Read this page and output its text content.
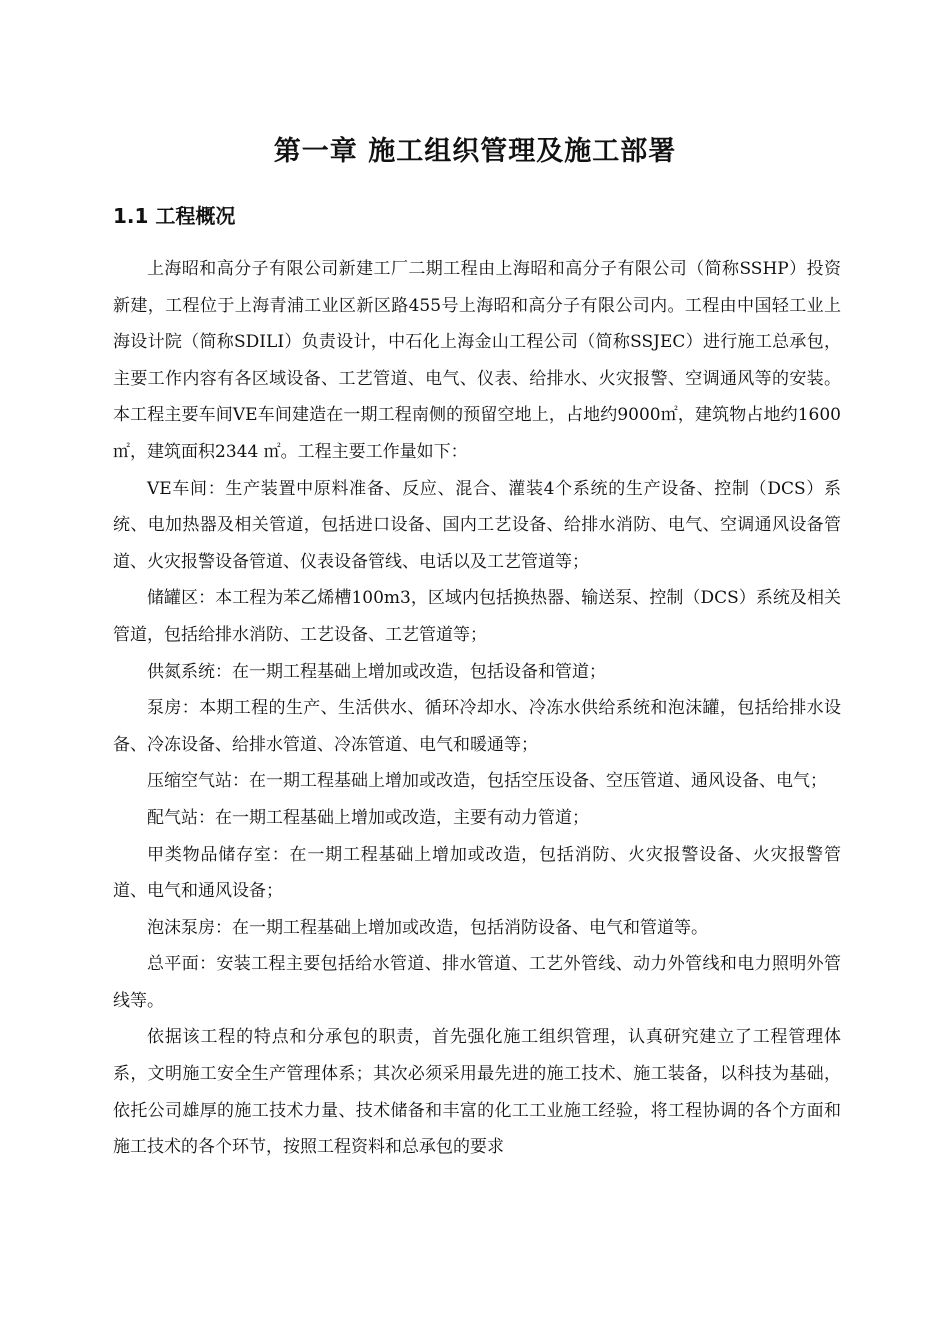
第一章 施工组织管理及施工部署
1.1 工程概况

上海昭和高分子有限公司新建工厂二期工程由上海昭和高分子有限公司（简称SSHP）投资新建，工程位于上海青浦工业区新区路455号上海昭和高分子有限公司内。工程由中国轻工业上海设计院（简称SDILI）负责设计，中石化上海金山工程公司（简称SSJEC）进行施工总承包，主要工作内容有各区域设备、工艺管道、电气、仪表、给排水、火灾报警、空调通风等的安装。本工程主要车间VE车间建造在一期工程南侧的预留空地上，占地约9000㎡，建筑物占地约1600 ㎡，建筑面积2344 ㎡。工程主要工作量如下：

VE车间：生产装置中原料准备、反应、混合、灌装4个系统的生产设备、控制（DCS）系统、电加热器及相关管道，包括进口设备、国内工艺设备、给排水消防、电气、空调通风设备管道、火灾报警设备管道、仪表设备管线、电话以及工艺管道等；

储罐区：本工程为苯乙烯槽100m3，区域内包括换热器、输送泵、控制（DCS）系统及相关管道，包括给排水消防、工艺设备、工艺管道等；

供氮系统：在一期工程基础上增加或改造，包括设备和管道；

泵房：本期工程的生产、生活供水、循环冷却水、冷冻水供给系统和泡沫罐，包括给排水设备、冷冻设备、给排水管道、冷冻管道、电气和暖通等；

压缩空气站：在一期工程基础上增加或改造，包括空压设备、空压管道、通风设备、电气；

配气站：在一期工程基础上增加或改造，主要有动力管道；

甲类物品储存室：在一期工程基础上增加或改造，包括消防、火灾报警设备、火灾报警管道、电气和通风设备；

泡沫泵房：在一期工程基础上增加或改造，包括消防设备、电气和管道等。

总平面：安装工程主要包括给水管道、排水管道、工艺外管线、动力外管线和电力照明外管线等。

依据该工程的特点和分承包的职责，首先强化施工组织管理，认真研究建立了工程管理体系，文明施工安全生产管理体系；其次必须采用最先进的施工技术、施工装备，以科技为基础，依托公司雄厚的施工技术力量、技术储备和丰富的化工工业施工经验，将工程协调的各个方面和施工技术的各个环节，按照工程资料和总承包的要求
